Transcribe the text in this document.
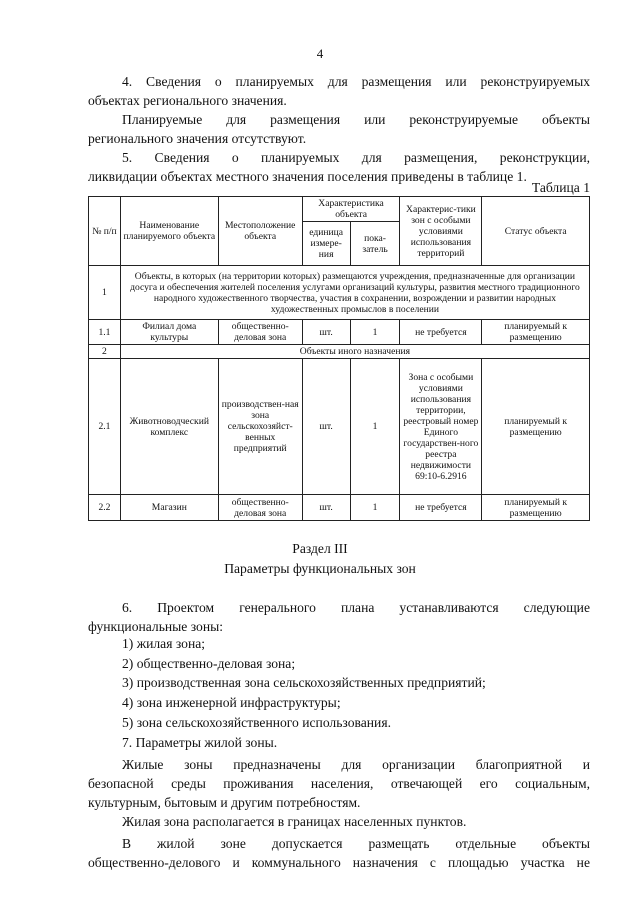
4
4. Сведения о планируемых для размещения или реконструируемых
объектах регионального значения.
Планируемые для размещения или реконструируемые объекты
регионального значения отсутствуют.
5. Сведения о планируемых для размещения, реконструкции,
ликвидации объектах местного значения поселения приведены в таблице 1.
Таблица 1
№ п/п	Наименование планируемого объекта	Местоположение объекта	Характеристика объекта		Характерис-тики зон с особыми условиями использования территорий	Статус объекта
			единица измере-ния	пока-затель		
1	Объекты, в которых (на территории которых) размещаются учреждения, предназначенные для организации досуга и обеспечения жителей поселения услугами организаций культуры, развития местного традиционного народного художественного творчества, участия в сохранении, возрождении и развитии народных художественных промыслов в поселении					
1.1	Филиал дома культуры	общественно-деловая зона	шт.	1	не требуется	планируемый к размещению
2	Объекты иного назначения					
2.1	Животноводческий комплекс	производствен-ная зона сельскохозяйст-венных предприятий	шт.	1	Зона с особыми условиями использования территории, реестровый номер Единого государствен-ного реестра недвижимости 69:10-6.2916	планируемый к размещению
2.2	Магазин	общественно-деловая зона	шт.	1	не требуется	планируемый к размещению
Раздел III
Параметры функциональных зон
6. Проектом генерального плана устанавливаются следующие
функциональные зоны:
1) жилая зона;
2) общественно-деловая зона;
3) производственная зона сельскохозяйственных предприятий;
4) зона инженерной инфраструктуры;
5) зона сельскохозяйственного использования.
7. Параметры жилой зоны.
Жилые зоны предназначены для организации благоприятной и
безопасной среды проживания населения, отвечающей его социальным,
культурным, бытовым и другим потребностям.
Жилая зона располагается в границах населенных пунктов.
В жилой зоне допускается размещать отдельные объекты
общественно-делового и коммунального назначения с площадью участка не
